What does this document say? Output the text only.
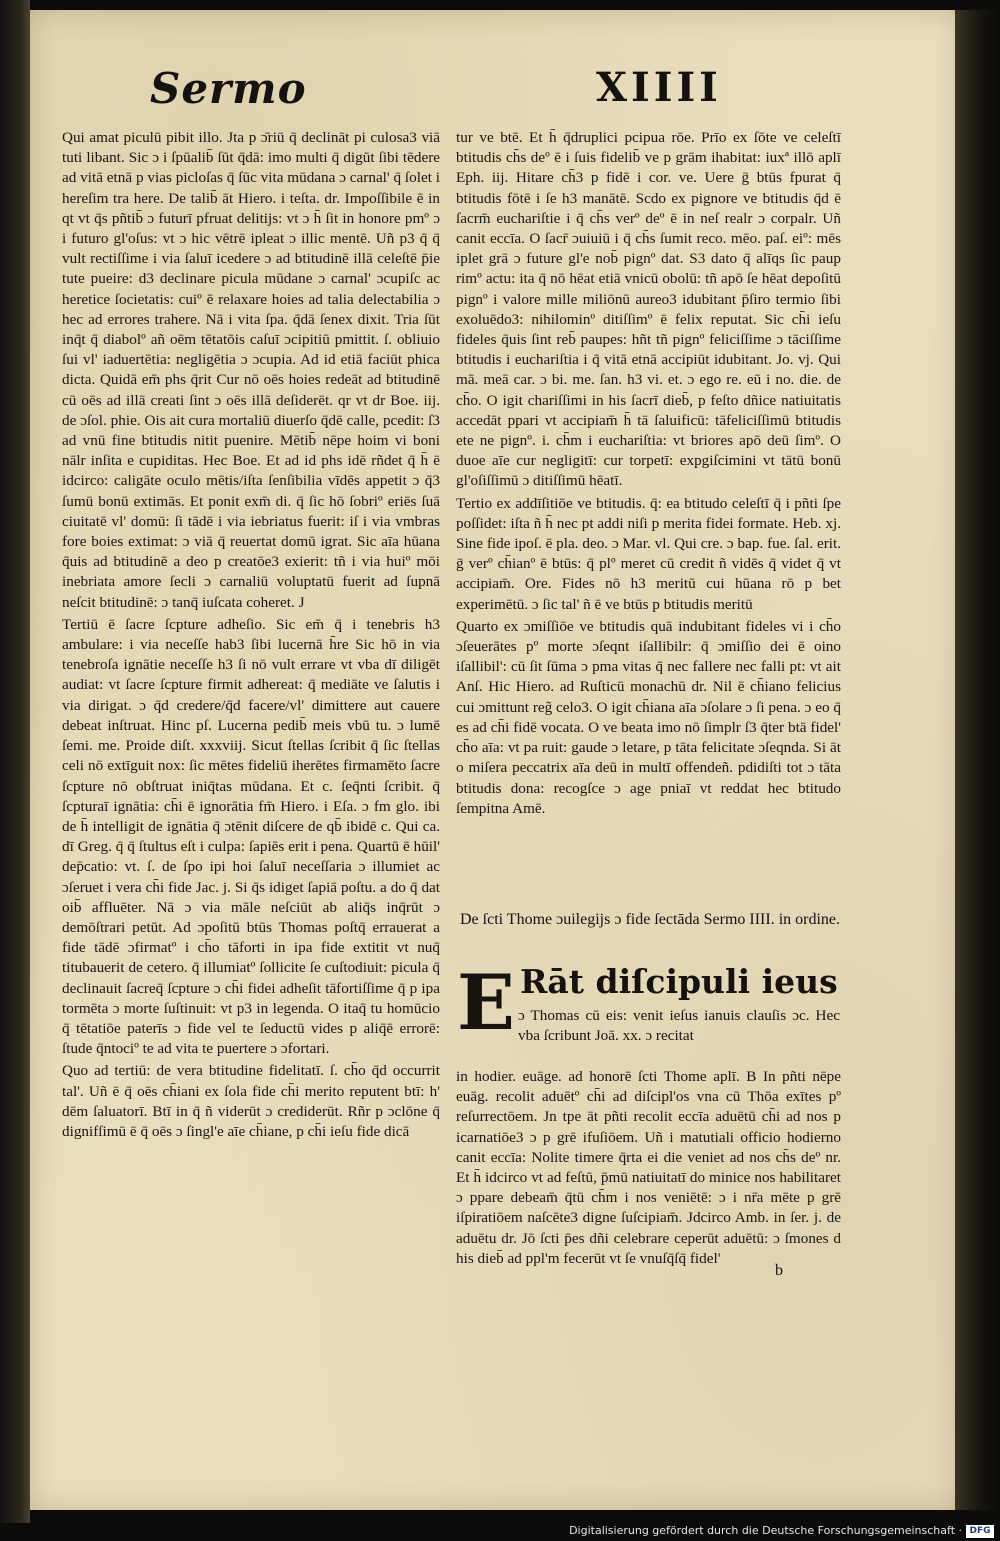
Sermo	XIIII

Qui amat piculū pibit illo. Jta p ɔ̄riū q̄ declināt pi culosa3 viā tuti libant. Sic ɔ i ſpūalib̄ ſūt q̄dā: imo multi q̄ digūt ſibi tēdere ad vitā etnā p vias picloſas q̄ ſūc vita mūdana ɔ carnal' q̄ ſolet i hereſim tra here. De talib̄ āt Hiero. i teſta. dr. Impoſſibile ē in qt vt q̄s pñtib̄ ɔ futurī pfruat delitijs: vt ɔ h̄ ſit in honore pmº ɔ i futuro gl'oſus: vt ɔ hic vētrē ipleat ɔ illic mentē. Uñ p3 q̄ q̄ vult rectiſſime i via ſaluī icedere ɔ ad btitudinē illā celeſtē p̄ie tute pueire: d3 declinare picula mūdane ɔ carnal' ɔcupiſc ac heretice ſocietatis: cuiº ē relaxare hoies ad talia delectabilia ɔ hec ad errores trahere. Nā i vita ſpa. q̄dā ſenex dixit. Tria ſūt inq̄t q̄ diabolº añ oēm tētatōis caſuī ɔcipitiū pmittit. ſ. obliuio ſui vl' iaduertētia: negligētia ɔ ɔcupia. Ad id etiā faciūt phica dicta. Quidā em̄ phs q̄rit Cur nō oēs hoies redeāt ad btitudinē cū oēs ad illā creati ſint ɔ oēs illā deſiderēt. qr vt dr Boe. iij. de ɔſol. phie. Ois ait cura mortaliū diuerſo q̄dē calle, pcedit: ſ3 ad vnū fine btitudis nitit puenire. Mētib̄ nēpe hoim vi boni nālr inſita e cupiditas. Hec Boe. Et ad id phs idē rñdet q̄ h̄ ē idcirco: caligāte oculo mētis/iſta ſenſibilia vīdēs appetit ɔ q̄3 ſumū bonū extimās. Et ponit exm̄ di. q̄ ſic hō ſobriº eriēs ſuā ciuitatē vl' domū: ſi tādē i via iebriatus fuerit: iſ i via vmbras fore boies extimat: ɔ viā q̄ reuertat domū igrat. Sic aīa hūana q̄uis ad btitudinē a deo p creatōe3 exierit: tñ i via huiº mōi inebriata amore ſecli ɔ carnaliū voluptatū fuerit ad ſupnā neſcit btitudinē: ɔ tanq̄ iuſcata coheret. J

Tertiū ē ſacre ſcpture adheſio. Sic em̄ q̄ i tenebris h3 ambulare: i via neceſſe hab3 ſibi lucernā h̄re Sic hō in via tenebroſa ignātie neceſſe h3 ſi nō vult errare vt vba dī diligēt audiat: vt ſacre ſcpture firmit adhereat: q̄ mediāte ve ſalutis i via dirigat. ɔ q̄d credere/q̄d facere/vl' dimittere aut cauere debeat inſtruat. Hinc pſ. Lucerna pedib̄ meis vbū tu. ɔ lumē ſemi. me. Proide diſt. xxxviij. Sicut ſtellas ſcribit q̄ ſic ſtellas celi nō extīguit nox: ſic mētes fideliū iherētes firmamēto ſacre ſcpture nō obſtruat iniq̄tas mūdana. Et c. ſeq̄nti ſcribit. q̄ ſcpturaī ignātia: ch̄i ē ignorātia fm̄ Hiero. i Eſa. ɔ fm glo. ibi de h̄ intelligit de ignātia q̄ ɔtēnit diſcere de qb̄ ibidē c. Qui ca. dī Greg. q̄ q̄ ſtultus eſt i culpa: ſapiēs erit i pena. Quartū ē hūil' dep̄catio: vt. ſ. de ſpo ipi hoi ſaluī neceſſaria ɔ illumiet ac ɔſeruet i vera ch̄i fide Jac. j. Si q̄s idiget ſapiā poſtu. a do q̄ dat oib̄ affluēter. Nā ɔ via māle neſciūt ab aliq̄s inq̄rūt ɔ demōſtrari petūt. Ad ɔpoſitū btūs Thomas poſtq̄ errauerat a fide tādē ɔfirmatº i ch̄o tāforti in ipa fide extitit vt nuq̄ titubauerit de cetero. q̄ illumiatº ſollicite ſe cuſtodiuit: picula q̄ declinauit ſacreq̄ ſcpture ɔ ch̄i fidei adheſit tāfortiſſime q̄ p ipa tormēta ɔ morte ſuſtinuit: vt p3 in legenda. O itaq̄ tu homūcio q̄ tētatiōe paterīs ɔ fide vel te ſeductū vides p aliq̄ē errorē: ſtude q̄ntociº te ad vita te puertere ɔ ɔfortari.

Quo ad tertiū: de vera btitudine fidelitatī. ſ. ch̄o q̄d occurrit tal'. Uñ ē q̄ oēs ch̄iani ex ſola fide ch̄i merito reputent btī: h' dēm ſaluatorī. Btī in q̄ ñ viderūt ɔ crediderūt. Rñr p ɔclōne q̄ dignifſimū ē q̄ oēs ɔ ſingl'e aīe ch̄iane, p ch̄i ieſu fide dicā

tur ve btē. Et h̄ q̄druplici pcipua rōe. Prīo ex ſōte ve celeſtī btitudis ch̄s deº ē i ſuis fidelib̄ ve p grām ihabitat: iuxª illō aplī Eph. iij. Hitare ch̄3 p fidē i cor. ve. Uere ḡ btūs fpurat q̄ btitudis fōtē i ſe h3 manātē. Scdo ex pignore ve btitudis q̄d ē ſacrm̄ euchariſtie i q̄ ch̄s verº deº ē in neſ realr ɔ corpalr. Uñ canit eccīa. O ſacr̄ ɔuiuiū i q̄ ch̄s ſumit reco. mēo. paſ. eiº: mēs iplet grā ɔ future gl'e nob̄ pignº dat. S3 dato q̄ alīqs ſic paup rimº actu: ita q̄ nō hēat etiā vnicū obolū: tñ apō ſe hēat depoſitū pignº i valore mille miliōnū aureo3 idubitant p̄ſiro termio ſibi exoluēdo3: nihilominº ditiſſimº ē felix reputat. Sic ch̄i ieſu fideles q̄uis ſint reb̄ paupes: hñt tñ pignº feliciſſime ɔ tāciſſime btitudis i euchariſtia i q̄ vitā etnā accipiūt idubitant. Jo. vj. Qui mā. meā car. ɔ bi. me. ſan. h3 vi. et. ɔ ego re. eū i no. die. de ch̄o. O igit chariſſimi in his ſacrī dieb̄, p feſto dñice natiuitatis accedāt ppari vt accipiam̄ h̄ tā ſaluificū: tāfeliciſſimū btitudis ete ne pignº. i. ch̄m i euchariſtia: vt briores apō deū ſimº. O duoe aīe cur negligitī: cur torpetī: expgiſcimini vt tātū bonū gl'oſiſſimū ɔ ditiſſimū hēatī.

Tertio ex addīſitiōe ve btitudis. q̄: ea btitudo celeſtī q̄ i pñti ſpe poſſidet: iſta ñ h̄ nec pt addi niſi p merita fidei formate. Heb. xj. Sine fide ipoſ. ē pla. deo. ɔ Mar. vl. Qui cre. ɔ bap. fue. ſal. erit. ḡ verº ch̄ianº ē btūs: q̄ plº meret cū credit ñ vidēs q̄ videt q̄ vt accipiam̄. Ore. Fides nō h3 meritū cui hūana rō p bet experimētū. ɔ ſic tal' ñ ē ve btūs p btitudis meritū

Quarto ex ɔmiſſiōe ve btitudis quā indubitant fideles vi i ch̄o ɔſeuerātes pº morte ɔſeqnt iſallibilr: q̄ ɔmiſſio dei ē oino iſallibil': cū ſit ſūma ɔ pma vitas q̄ nec fallere nec falli pt: vt ait Anſ. Hic Hiero. ad Ruſticū monachū dr. Nil ē ch̄iano felicius cui ɔmittunt reg̃ celo3. O igit ch̄iana aīa ɔſolare ɔ ſi pena. ɔ eo q̄ es ad ch̄i fidē vocata. O ve beata imo nō ſimplr ſ3 q̄ter btā fidel' ch̄o aīa: vt pa ruit: gaude ɔ letare, p tāta felicitate ɔſeqnda. Si āt o miſera peccatrix aīa deū in multī offendeñ. pdidiſti tot ɔ tāta btitudis dona: recogſce ɔ age pniaī vt reddat hec btitudo ſempitna Amē.

De ſcti Thome ɔuilegijs ɔ fide ſectāda Sermo IIII. in ordine.
E Rāt diſcipuli ieus
ɔ Thomas cū eis: venit ieſus ianuis clauſis ɔc. Hec vba ſcribunt Joā. xx. ɔ recitat
in hodier. euāge. ad honorē ſcti Thome aplī. B In pñti nēpe euāg. recolit aduētº ch̄i ad diſcipl'os vna cū Thōa exītes pº reſurrectōem. Jn tpe āt pñti recolit eccīa aduētū ch̄i ad nos p icarnatiōe3 ɔ p grē ifuſiōem. Uñ i matutiali officio hodierno canit eccīa: Nolite timere q̄rta ei die veniet ad nos ch̄s deº nr. Et h̄ idcirco vt ad feſtū, p̄mū natiuitatī do minice nos habilitaret ɔ ppare debeam̄ q̄tū ch̄m i nos veniētē: ɔ i nr̄a mēte p grē iſpiratiōem naſcēte3 digne ſuſcipiam̄. Jdcirco Amb. in ſer. j. de aduētu dr. Jō ſcti p̄es dñi celebrare ceperūt aduētū: ɔ ſmones d his dieb̄ ad ppl'm fecerūt vt ſe vnuſq̄ſq̄ fidel'
b
Digitalisierung gefördert durch die Deutsche Forschungsgemeinschaft · DFG
